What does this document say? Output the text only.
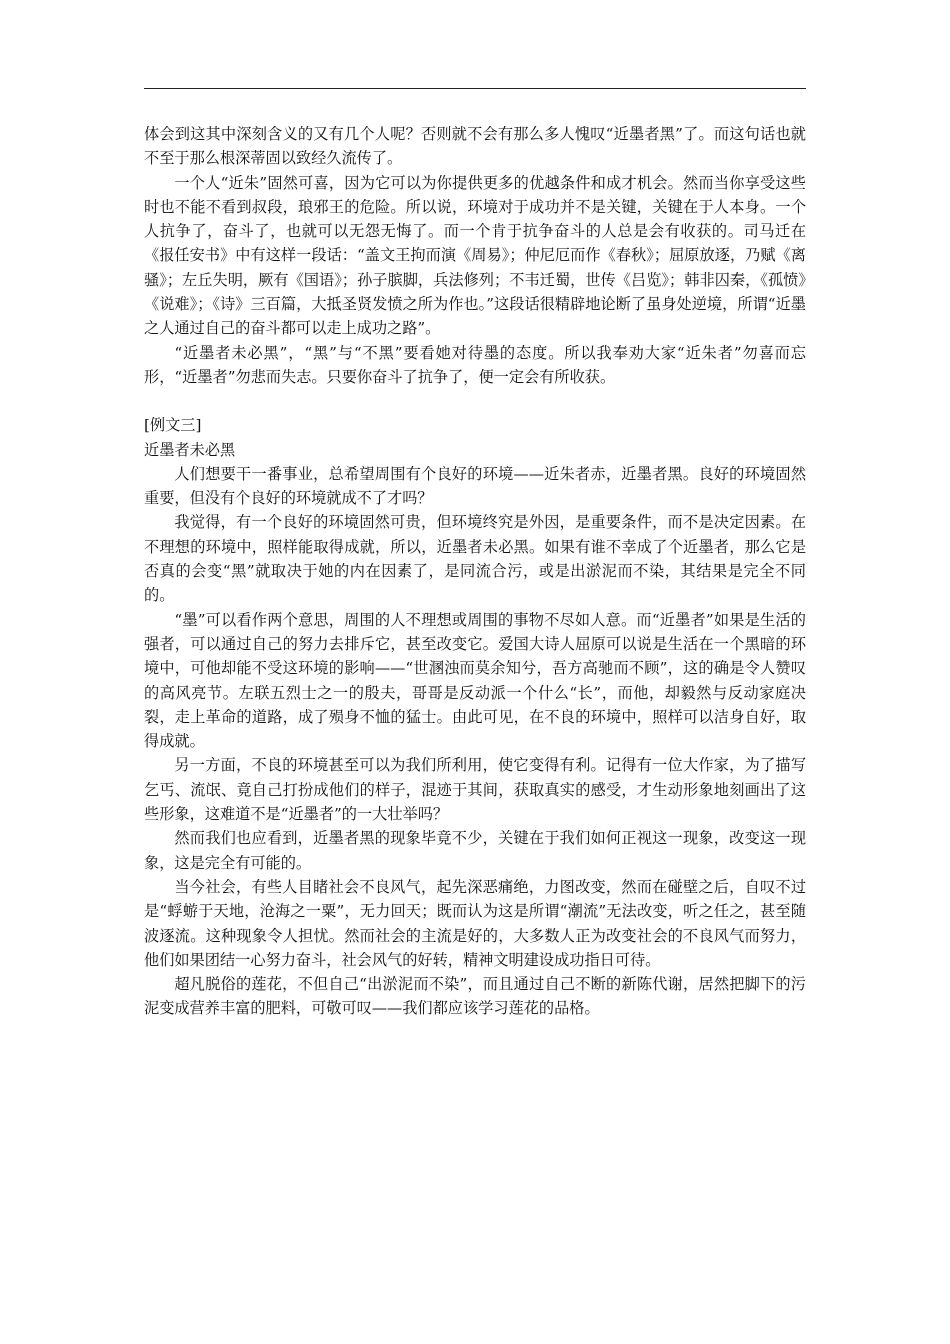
体会到这其中深刻含义的又有几个人呢？否则就不会有那么多人愧叹“近墨者黑”了。而这句话也就不至于那么根深蒂固以致经久流传了。

一个人“近朱”固然可喜，因为它可以为你提供更多的优越条件和成才机会。然而当你享受这些时也不能不看到叔段，琅邪王的危险。所以说，环境对于成功并不是关键，关键在于人本身。一个人抗争了，奋斗了，也就可以无怨无悔了。而一个肯于抗争奋斗的人总是会有收获的。司马迁在《报任安书》中有这样一段话：“盖文王拘而演《周易》；仲尼厄而作《春秋》；屈原放逐，乃赋《离骚》；左丘失明，厥有《国语》；孙子膑脚，兵法修列；不韦迁蜀，世传《吕览》；韩非囚秦，《孤愤》《说难》；《诗》三百篇，大抵圣贤发愤之所为作也。”这段话很精辟地论断了虽身处逆境，所谓“近墨之人通过自己的奋斗都可以走上成功之路”。

“近墨者未必黑”，“黑”与“不黑”要看她对待墨的态度。所以我奉劝大家“近朱者”勿喜而忘形，“近墨者”勿悲而失志。只要你奋斗了抗争了，便一定会有所收获。

[例文三]

近墨者未必黑

人们想要干一番事业，总希望周围有个良好的环境——近朱者赤，近墨者黑。良好的环境固然重要，但没有个良好的环境就成不了才吗？

我觉得，有一个良好的环境固然可贵，但环境终究是外因，是重要条件，而不是决定因素。在不理想的环境中，照样能取得成就，所以，近墨者未必黑。如果有谁不幸成了个近墨者，那么它是否真的会变“黑”就取决于她的内在因素了，是同流合污，或是出淤泥而不染，其结果是完全不同的。

“墨”可以看作两个意思，周围的人不理想或周围的事物不尽如人意。而“近墨者”如果是生活的强者，可以通过自己的努力去排斥它，甚至改变它。爱国大诗人屈原可以说是生活在一个黑暗的环境中，可他却能不受这环境的影响——“世溷浊而莫余知兮，吾方高驰而不顾”，这的确是令人赞叹的高风亮节。左联五烈士之一的殷夫，哥哥是反动派一个什么“长”，而他，却毅然与反动家庭决裂，走上革命的道路，成了殒身不恤的猛士。由此可见，在不良的环境中，照样可以洁身自好，取得成就。

另一方面，不良的环境甚至可以为我们所利用，使它变得有利。记得有一位大作家，为了描写乞丐、流氓、竟自己打扮成他们的样子，混迹于其间，获取真实的感受，才生动形象地刻画出了这些形象，这难道不是“近墨者”的一大壮举吗？

然而我们也应看到，近墨者黑的现象毕竟不少，关键在于我们如何正视这一现象，改变这一现象，这是完全有可能的。

当今社会，有些人目睹社会不良风气，起先深恶痛绝，力图改变，然而在碰壁之后，自叹不过是“蜉蝣于天地，沧海之一粟”，无力回天；既而认为这是所谓“潮流”无法改变，听之任之，甚至随波逐流。这种现象令人担忧。然而社会的主流是好的，大多数人正为改变社会的不良风气而努力，他们如果团结一心努力奋斗，社会风气的好转，精神文明建设成功指日可待。

超凡脱俗的莲花，不但自己“出淤泥而不染”，而且通过自己不断的新陈代谢，居然把脚下的污泥变成营养丰富的肥料，可敬可叹——我们都应该学习莲花的品格。
